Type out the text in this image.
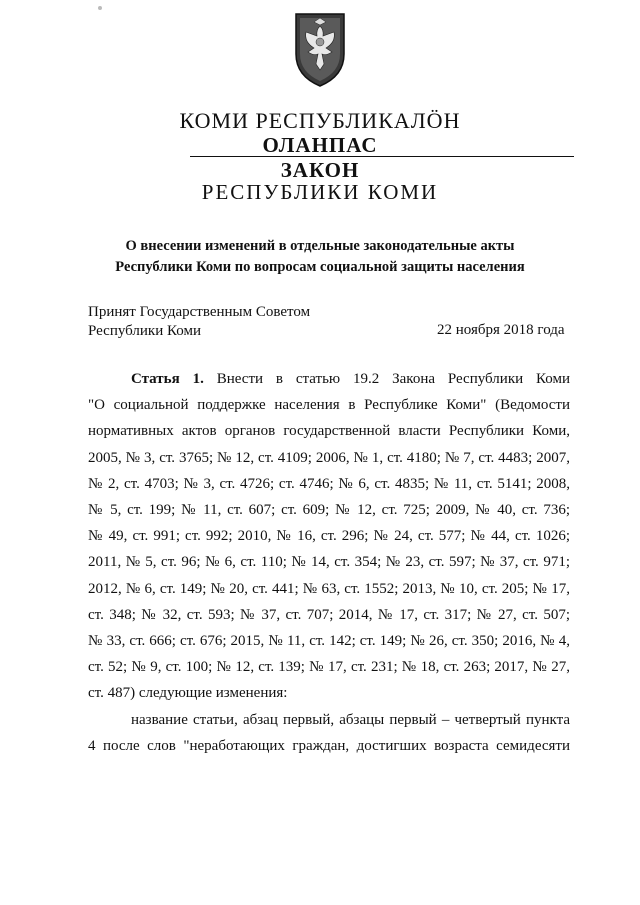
КОМИ РЕСПУБЛИКАЛÖН
ОЛАНПАС
ЗАКОН
РЕСПУБЛИКИ КОМИ
О внесении изменений в отдельные законодательные акты
Республики Коми по вопросам социальной защиты населения
Принят Государственным Советом
Республики Коми	22 ноября 2018 года
Статья 1. Внести в статью 19.2 Закона Республики Коми
"О социальной поддержке населения в Республике Коми" (Ведомости
нормативных актов органов государственной власти Республики Коми,
2005, № 3, ст. 3765; № 12, ст. 4109; 2006, № 1, ст. 4180; № 7, ст. 4483; 2007,
№ 2, ст. 4703; № 3, ст. 4726; ст. 4746; № 6, ст. 4835; № 11, ст. 5141; 2008,
№ 5, ст. 199; № 11, ст. 607; ст. 609; № 12, ст. 725; 2009, № 40, ст. 736;
№ 49, ст. 991; ст. 992; 2010, № 16, ст. 296; № 24, ст. 577; № 44, ст. 1026;
2011, № 5, ст. 96; № 6, ст. 110; № 14, ст. 354; № 23, ст. 597; № 37, ст. 971;
2012, № 6, ст. 149; № 20, ст. 441; № 63, ст. 1552; 2013, № 10, ст. 205; № 17,
ст. 348; № 32, ст. 593; № 37, ст. 707; 2014, № 17, ст. 317; № 27, ст. 507;
№ 33, ст. 666; ст. 676; 2015, № 11, ст. 142; ст. 149; № 26, ст. 350; 2016, № 4,
ст. 52; № 9, ст. 100; № 12, ст. 139; № 17, ст. 231; № 18, ст. 263; 2017, № 27,
ст. 487) следующие изменения:
название статьи, абзац первый, абзацы первый – четвертый пункта
4 после слов "неработающих граждан, достигших возраста семидесяти
